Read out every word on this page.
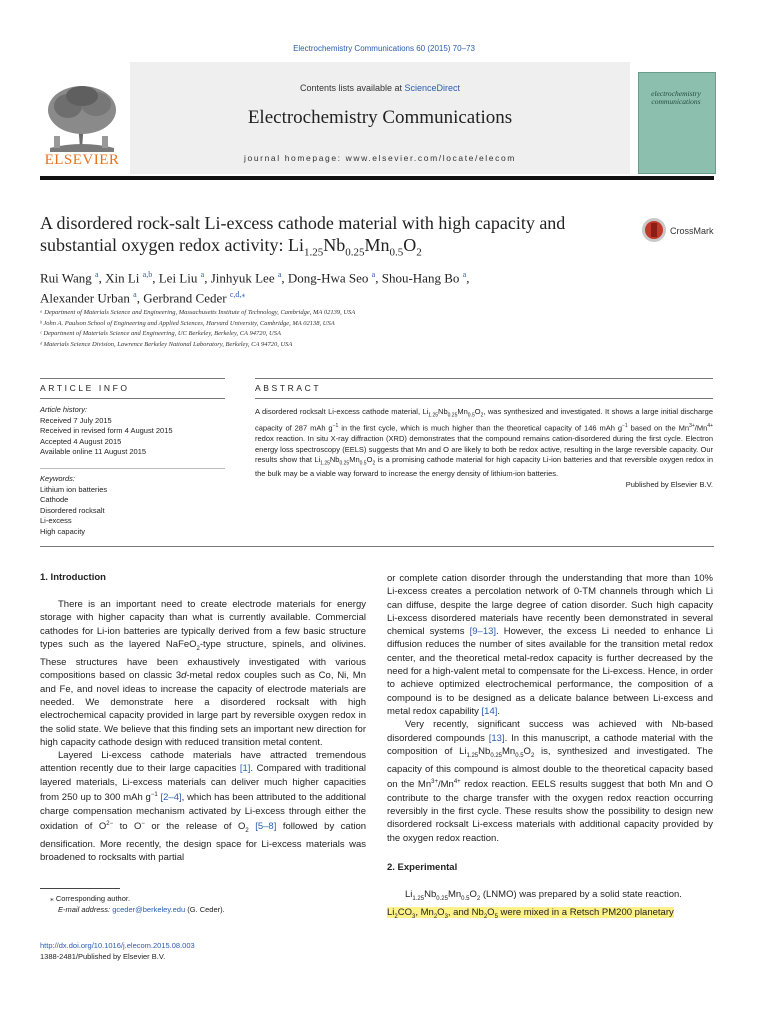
Electrochemistry Communications 60 (2015) 70–73
Contents lists available at ScienceDirect
Electrochemistry Communications
journal homepage: www.elsevier.com/locate/elecom
ELSEVIER
electrochemistry communications
A disordered rock-salt Li-excess cathode material with high capacity and
substantial oxygen redox activity: $Li_{1.25}Nb_{0.25}Mn_{0.5}O_2$
CrossMark
Rui Wang $^a$, Xin Li $^{a,b}$, Lei Liu $^a$, Jinhyuk Lee $^a$, Dong-Hwa Seo $^a$, Shou-Hang Bo $^a$,
Alexander Urban $^a$, Gerbrand Ceder $^{c,d,⁎}$
ᵃ Department of Materials Science and Engineering, Massachusetts Institute of Technology, Cambridge, MA 02139, USA
ᵇ John A. Paulson School of Engineering and Applied Sciences, Harvard University, Cambridge, MA 02138, USA
ᶜ Department of Materials Science and Engineering, UC Berkeley, Berkeley, CA 94720, USA
ᵈ Materials Science Division, Lawrence Berkeley National Laboratory, Berkeley, CA 94720, USA
ARTICLE INFO	ABSTRACT
Article history:
Received 7 July 2015
Received in revised form 4 August 2015
Accepted 4 August 2015
Available online 11 August 2015
Keywords:
Lithium ion batteries
Cathode
Disordered rocksalt
Li-excess
High capacity
A disordered rocksalt Li-excess cathode material, $Li_{1.25}Nb_{0.25}Mn_{0.5}O_2$, was synthesized and investigated. It shows a large initial discharge capacity of 287 mAh $g^{-1}$ in the first cycle, which is much higher than the theoretical capacity of 146 mAh $g^{-1}$ based on the $Mn^{3+}/Mn^{4+}$ redox reaction. In situ X-ray diffraction (XRD) demonstrates that the compound remains cation-disordered during the first cycle. Electron energy loss spectroscopy (EELS) suggests that Mn and O are likely to both be redox active, resulting in the large reversible capacity. Our results show that $Li_{1.25}Nb_{0.25}Mn_{0.5}O_2$ is a promising cathode material for high capacity Li-ion batteries and that reversible oxygen redox in the bulk may be a viable way forward to increase the energy density of lithium-ion batteries.
Published by Elsevier B.V.
1. Introduction
There is an important need to create electrode materials for energy storage with higher capacity than what is currently available. Commercial cathodes for Li-ion batteries are typically derived from a few basic structure types such as the layered NaFeO$_2$-type structure, spinels, and olivines. These structures have been exhaustively investigated with various compositions based on classic 3d-metal redox couples such as Co, Ni, Mn and Fe, and novel ideas to increase the capacity of electrode materials are needed. We demonstrate here a disordered rocksalt with high electrochemical capacity provided in large part by reversible oxygen redox in the solid state. We believe that this finding sets an important new direction for high capacity cathode design with reduced transition metal content.
Layered Li-excess cathode materials have attracted tremendous attention recently due to their large capacities [1]. Compared with traditional layered materials, Li-excess materials can deliver much higher capacities from 250 up to 300 mAh $g^{-1}$ [2–4], which has been attributed to the additional charge compensation mechanism activated by Li-excess through either the oxidation of $O^{2-}$ to O− or the release of $O_2$ [5–8] followed by cation densification. More recently, the design space for Li-excess materials was broadened to rocksalts with partial
or complete cation disorder through the understanding that more than 10% Li-excess creates a percolation network of 0-TM channels through which Li can diffuse, despite the large degree of cation disorder. Such high capacity Li-excess disordered materials have recently been demonstrated in several chemical systems [9–13]. However, the excess Li needed to enhance Li diffusion reduces the number of sites available for the transition metal redox center, and the theoretical metal-redox capacity is further decreased by the need for a high-valent metal to compensate for the Li-excess. Hence, in order to achieve optimized electrochemical performance, the composition of a compound is to be designed as a delicate balance between Li-excess and metal redox capability [14].
Very recently, significant success was achieved with Nb-based disordered compounds [13]. In this manuscript, a cathode material with the composition of $Li_{1.25}Nb_{0.25}Mn_{0.5}O_2$ is, synthesized and investigated. The capacity of this compound is almost double to the theoretical capacity based on the $Mn^{3+}/Mn^{4+}$ redox reaction. EELS results suggest that both Mn and O contribute to the charge transfer with the oxygen redox reaction occurring reversibly in the first cycle. These results show the possibility to design new disordered rocksalt Li-excess materials with additional capacity provided by the oxygen redox reaction.
2. Experimental
$Li_{1.25}Nb_{0.25}Mn_{0.5}O_2$ (LNMO) was prepared by a solid state reaction.
$Li_2CO_3$, $Mn_2O_3$, and $Nb_2O_5$ were mixed in a Retsch PM200 planetary
⁎ Corresponding author.
E-mail address: gceder@berkeley.edu (G. Ceder).
http://dx.doi.org/10.1016/j.elecom.2015.08.003
1388-2481/Published by Elsevier B.V.
